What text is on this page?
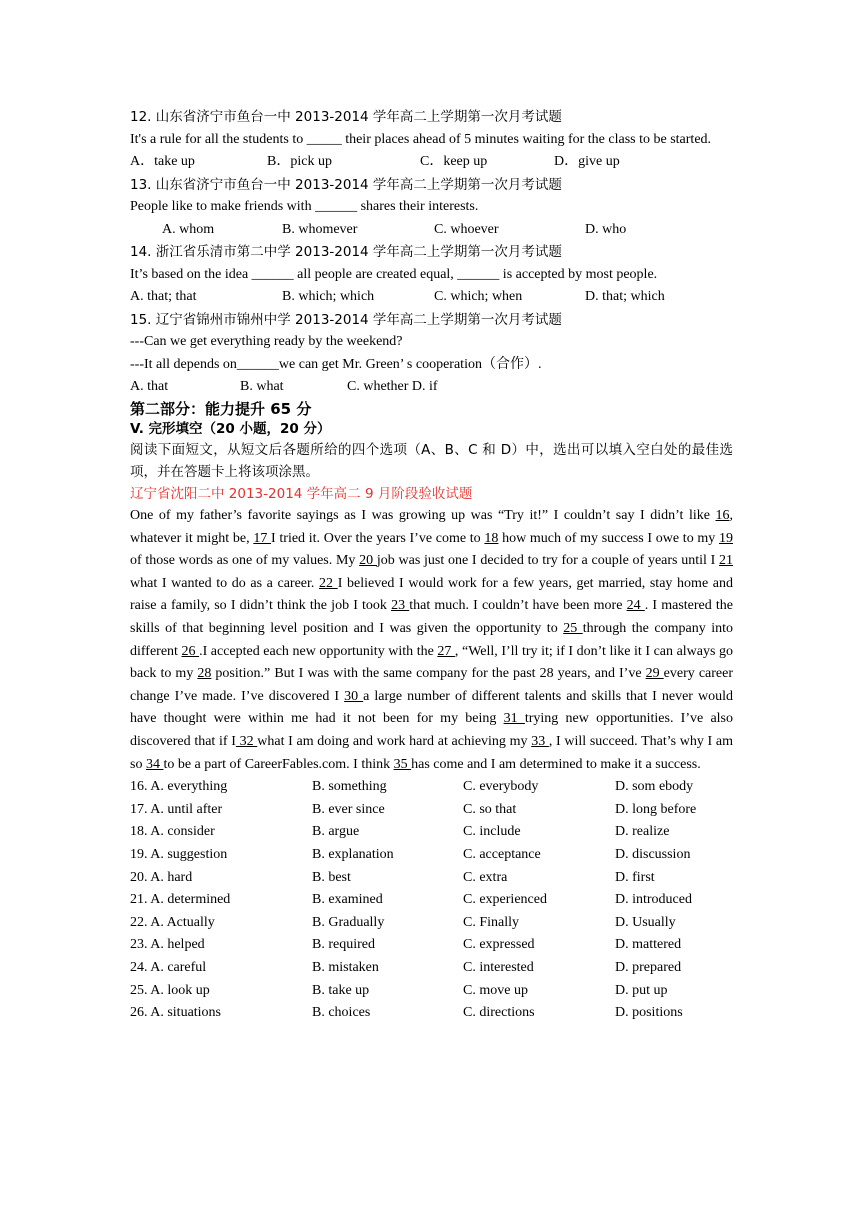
12. 山东省济宁市鱼台一中 2013-2014 学年高二上学期第一次月考试题
It's a rule for all the students to _____ their places ahead of 5 minutes waiting for the class to be started.
A．take up	B．pick up	C．keep up	D．give up
13. 山东省济宁市鱼台一中 2013-2014 学年高二上学期第一次月考试题
People like to make friends with ______ shares their interests.
A. whom	B. whomever	C. whoever	D. who
14. 浙江省乐清市第二中学 2013-2014 学年高二上学期第一次月考试题
It’s based on the idea ______ all people are created equal, ______ is accepted by most people.
A. that; that	B. which; which	C. which; when	D. that; which
15. 辽宁省锦州市锦州中学 2013-2014 学年高二上学期第一次月考试题
---Can we get everything ready by the weekend?
---It all depends on______we can get Mr. Green’ s cooperation（合作）.
A. that	B. what	C. whether D. if
第二部分：能力提升 65 分
V. 完形填空（20 小题，20 分）
阅读下面短文，从短文后各题所给的四个选项（A、B、C 和 D）中，选出可以填入空白处的最佳选项，并在答题卡上将该项涂黑。
辽宁省沈阳二中 2013-2014 学年高二 9 月阶段验收试题
One of my father’s favorite sayings as I was growing up was “Try it!” I couldn’t say I didn’t like 16, whatever it might be, 17 I tried it. Over the years I’ve come to 18 how much of my success I owe to my 19 of those words as one of my values. My 20 job was just one I decided to try for a couple of years until I 21 what I wanted to do as a career. 22 I believed I would work for a few years, get married, stay home and raise a family, so I didn’t think the job I took 23 that much. I couldn’t have been more 24 . I mastered the skills of that beginning level position and I was given the opportunity to 25 through the company into different 26 .I accepted each new opportunity with the 27 , “Well, I’ll try it; if I don’t like it I can always go back to my 28 position.” But I was with the same company for the past 28 years, and I’ve 29 every career change I’ve made. I’ve discovered I 30 a large number of different talents and skills that I never would have thought were within me had it not been for my being 31 trying new opportunities. I’ve also discovered that if I 32 what I am doing and work hard at achieving my 33 , I will succeed. That’s why I am so 34 to be a part of CareerFables.com. I think 35 has come and I am determined to make it a success.
16. A. everything	B. something	C. everybody	D. som ebody
17. A. until after	B. ever since	C. so that	D. long before
18. A. consider	B. argue	C. include	D. realize
19. A. suggestion	B. explanation	C. acceptance	D. discussion
20. A. hard	B. best	C. extra	D. first
21. A. determined	B. examined	C. experienced	D. introduced
22. A. Actually	B. Gradually	C. Finally	D. Usually
23. A. helped	B. required	C. expressed	D. mattered
24. A. careful	B. mistaken	C. interested	D. prepared
25. A. look up	B. take up	C. move up	D. put up
26. A. situations	B. choices	C. directions	D. positions
